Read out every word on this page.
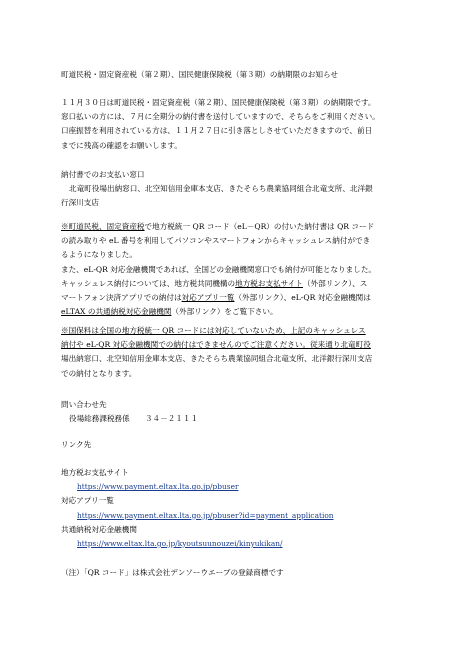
町道民税・固定資産税（第２期）、国民健康保険税（第３期）の納期限のお知らせ

１１月３０日は町道民税・固定資産税（第２期）、国民健康保険税（第３期）の納期限です。

窓口払いの方には、７月に全期分の納付書を送付していますので、そちらをご利用ください。

口座振替を利用されている方は、１１月２７日に引き落としさせていただきますので、前日

までに残高の確認をお願いします。

納付書でのお支払い窓口

北竜町役場出納窓口、北空知信用金庫本支店、きたそらち農業協同組合北竜支所、北洋銀

行深川支店

※町道民税、固定資産税で地方税統一 QR コード（eL－QR）の付いた納付書は QR コード

の読み取りや eL 番号を利用してパソコンやスマートフォンからキャッシュレス納付ができ

るようになりました。

また、eL-QR 対応金融機関であれば、全国どの金融機関窓口でも納付が可能となりました。

キャッシュレス納付については、地方税共同機構の地方税お支払サイト（外部リンク）、ス

マートフォン決済アプリでの納付は対応アプリ一覧（外部リンク）、eL-QR 対応金融機関は

eLTAX の共通納税対応金融機関（外部リンク）をご覧下さい。

※国保料は全国の地方税統一 QR コードには対応していないため、上記のキャッシュレス

納付や eL-QR 対応金融機関での納付はできませんのでご注意ください。従来通り北竜町役

場出納窓口、北空知信用金庫本支店、きたそらち農業協同組合北竜支所、北洋銀行深川支店

での納付となります。

問い合わせ先

役場総務課税務係　　 ３４－２１１１

リンク先

地方税お支払サイト

https://www.payment.eltax.lta.go.jp/pbuser

対応アプリ一覧

https://www.payment.eltax.lta.go.jp/pbuser?id=payment_application

共通納税対応金融機関

https://www.eltax.lta.go.jp/kyoutsuunouzei/kinyukikan/

（注）「QR コード」は株式会社デンソーウエーブの登録商標です
